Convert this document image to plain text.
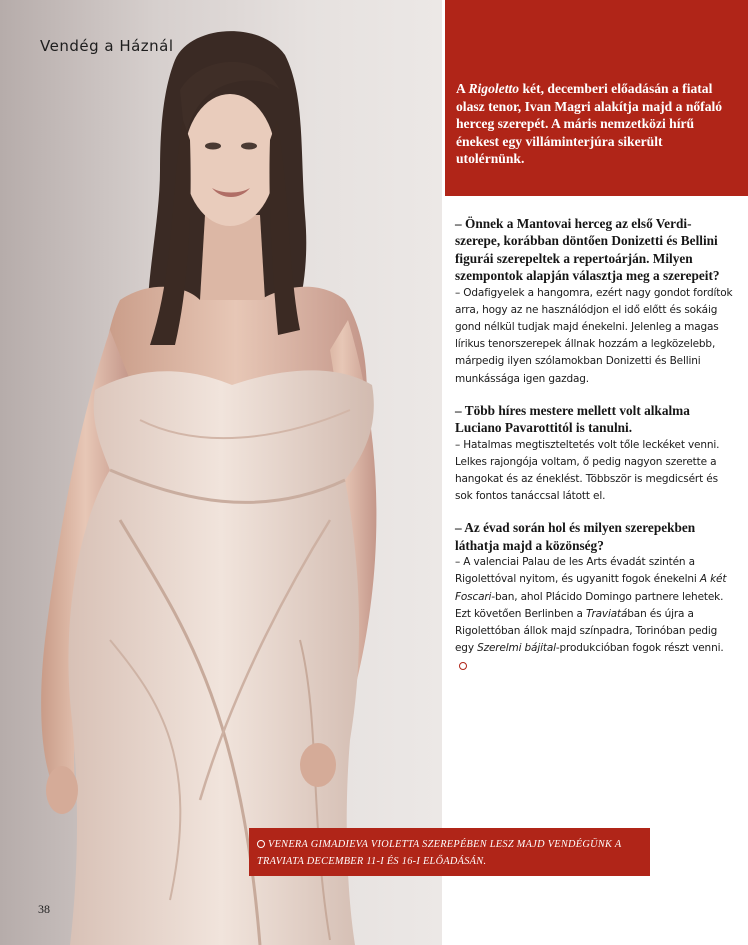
Vendég a Háznál
38
A Rigoletto két, decemberi előadásán a fiatal olasz tenor, Ivan Magri alakítja majd a nőfaló herceg szerepét. A máris nemzetközi hírű énekest egy villáminterjúra sikerült utolérnünk.

– Önnek a Mantovai herceg az első Verdi-szerepe, korábban döntően Donizetti és Bellini figurái szerepeltek a repertoárján. Milyen szempontok alapján választja meg a szerepeit?

– Odafigyelek a hangomra, ezért nagy gondot fordítok arra, hogy az ne használódjon el idő előtt és sokáig gond nélkül tudjak majd énekelni. Jelenleg a magas lírikus tenorszerepek állnak hozzám a legközelebb, márpedig ilyen szólamokban Donizetti és Bellini munkássága igen gazdag.

– Több híres mestere mellett volt alkalma Luciano Pavarottitól is tanulni.

– Hatalmas megtiszteltetés volt tőle leckéket venni. Lelkes rajongója voltam, ő pedig nagyon szerette a hangokat és az éneklést. Többször is megdicsért és sok fontos tanáccsal látott el.

– Az évad során hol és milyen szerepekben láthatja majd a közönség?

– A valenciai Palau de les Arts évadát szintén a Rigolettóval nyitom, és ugyanitt fogok énekelni A két Foscari-ban, ahol Plácido Domingo partnere lehetek. Ezt követően Berlinben a Traviatában és újra a Rigolettóban állok majd színpadra, Torinóban pedig egy Szerelmi bájital-produkcióban fogok részt venni.

VENERA GIMADIEVA VIOLETTA SZEREPÉBEN LESZ MAJD VENDÉGÜNK A TRAVIATA DECEMBER 11-I ÉS 16-I ELŐADÁSÁN.
